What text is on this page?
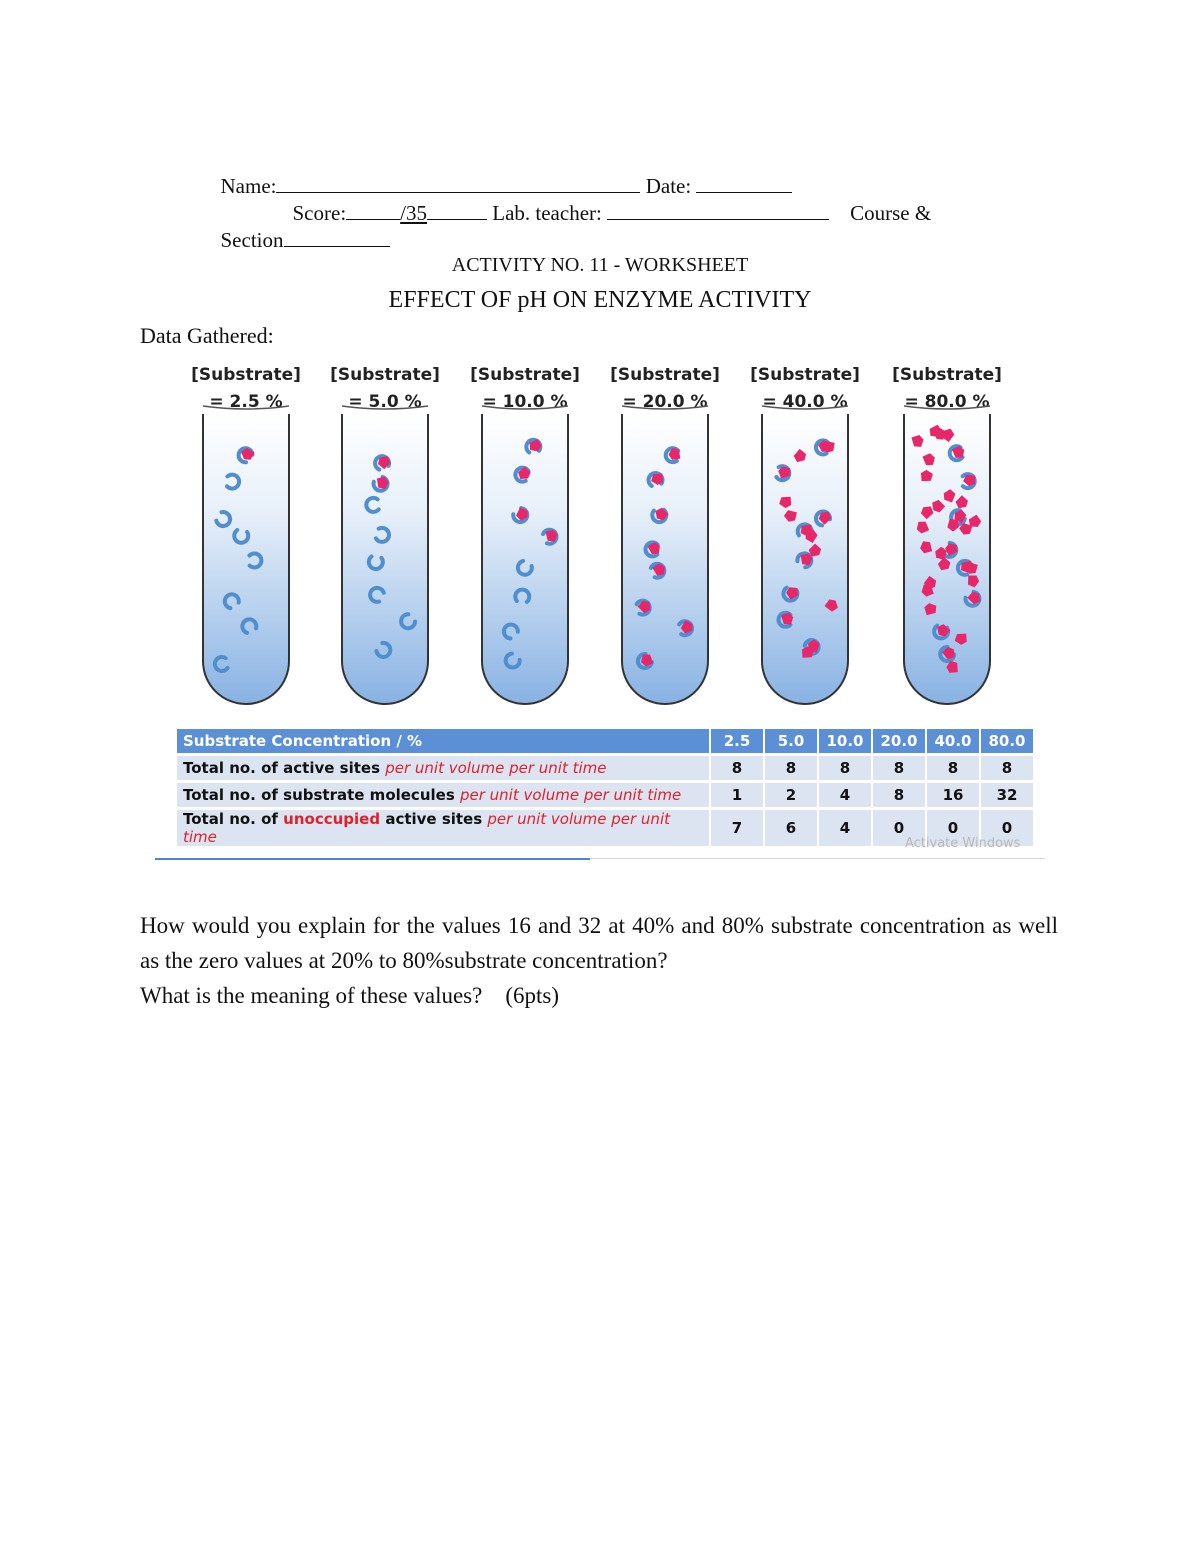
Name:	Date:

Score:	/35	Lab. teacher:	Course &

Section

ACTIVITY NO. 11 - WORKSHEET
EFFECT OF pH ON ENZYME ACTIVITY
Data Gathered:
[Substrate]
= 2.5 %
[Substrate]
= 5.0 %
[Substrate]
= 10.0 %
[Substrate]
= 20.0 %
[Substrate]
= 40.0 %
[Substrate]
= 80.0 %
Substrate Concentration / %	2.5	5.0	10.0	20.0	40.0	80.0
Total no. of active sites per unit volume per unit time	8	8	8	8	8	8
Total no. of substrate molecules per unit volume per unit time	1	2	4	8	16	32
Total no. of unoccupied active sites per unit volume per unit time	7	6	4	0	0	0
Activate Windows
How would you explain for the values 16 and 32 at 40% and 80% substrate concentration as well as the zero values at 20% to 80%substrate concentration?
What is the meaning of these values? (6pts)
